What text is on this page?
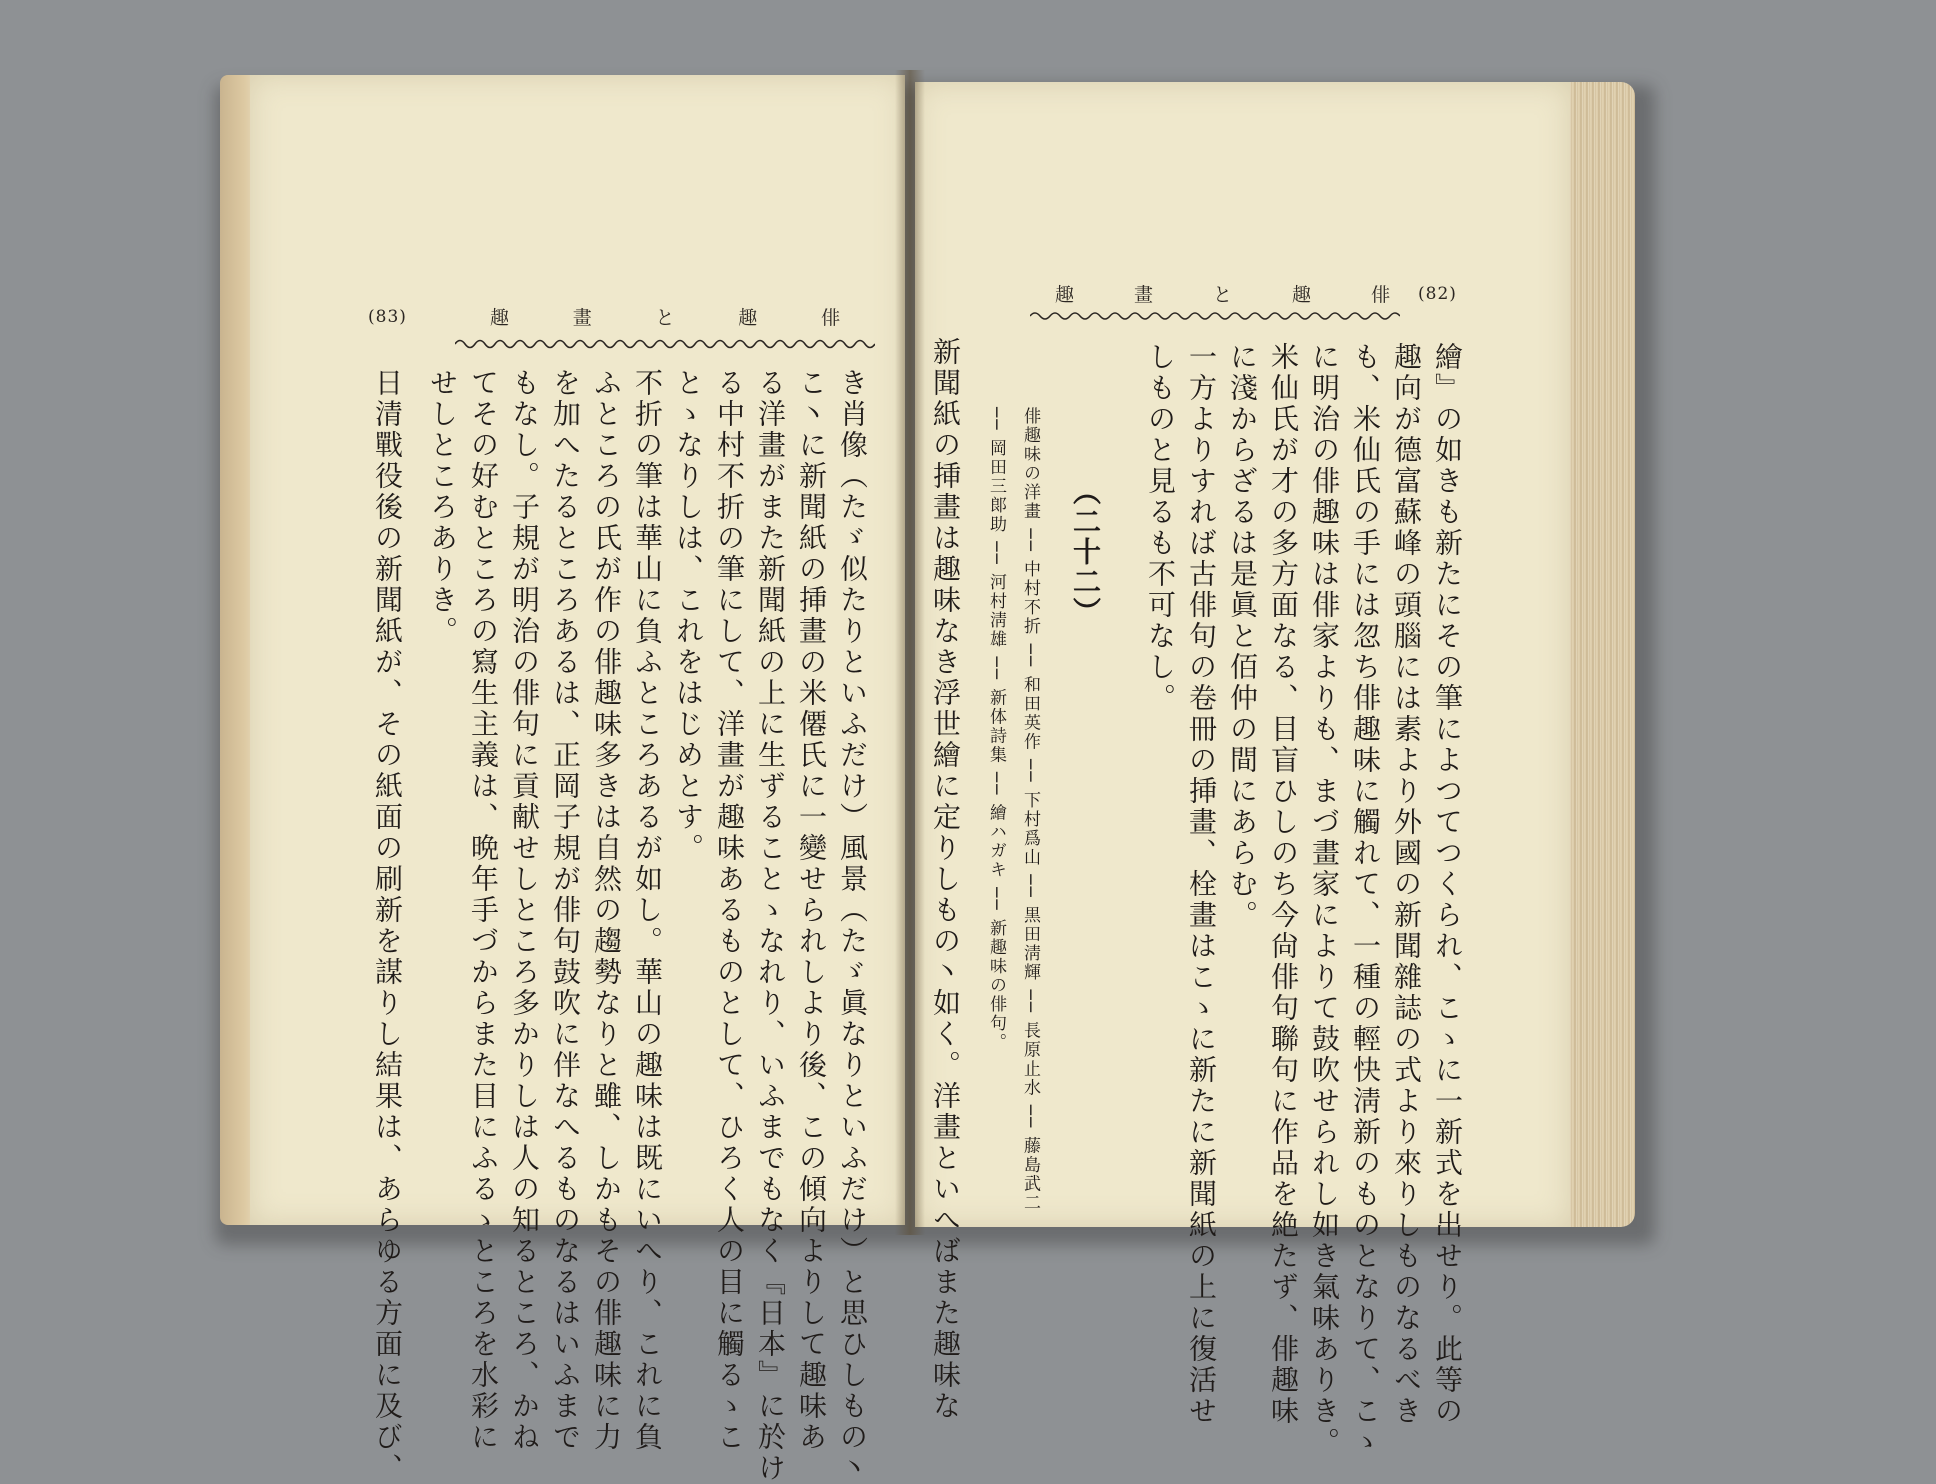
(83)	趣	畫	と	趣	俳
き肖像（たゞ似たりといふだけ）風景（たゞ眞なりといふだけ）と思ひしもの丶
こ丶に新聞紙の挿畫の米僊氏に一變せられしより後、この傾向よりして趣味あ
る洋畫がまた新聞紙の上に生ずることゝなれり、いふまでもなく『日本』に於け
る中村不折の筆にして、洋畫が趣味あるものとして、ひろく人の目に觸るゝこ
とゝなりしは、これをはじめとす。
不折の筆は華山に負ふところあるが如し。華山の趣味は既にいへり、これに負
ふところの氏が作の俳趣味多きは自然の趨勢なりと雖、しかもその俳趣味に力
を加へたるところあるは、正岡子規が俳句鼓吹に伴なへるものなるはいふまで
もなし。子規が明治の俳句に貢献せしところ多かりしは人の知るところ、かね
てその好むところの寫生主義は、晩年手づからまた目にふるゝところを水彩に
せしところありき。
日清戰役後の新聞紙が、その紙面の刷新を謀りし結果は、あらゆる方面に及び、
(82)
趣	畫	と	趣	俳
繪』の如きも新たにその筆によつてつくられ、こゝに一新式を出せり。此等の
趣向が德富蘇峰の頭腦には素より外國の新聞雜誌の式より來りしものなるべき
も、米仙氏の手には忽ち俳趣味に觸れて、一種の輕快淸新のものとなりて、こゝ
に明治の俳趣味は俳家よりも、まづ畫家によりて鼓吹せられし如き氣味ありき。
米仙氏が才の多方面なる、目盲ひしのち今尙俳句聯句に作品を絶たず、俳趣味
に淺からざるは是眞と佰仲の間にあらむ。
一方よりすれば古俳句の卷冊の挿畫、栓畫はこゝに新たに新聞紙の上に復活せ
しものと見るも不可なし。
（二十二）
俳趣味の洋畫 ── 中村不折 ── 和田英作 ── 下村爲山 ── 黒田淸輝 ── 長原止水 ── 藤島武二
── 岡田三郞助 ── 河村淸雄 ── 新体詩集 ── 繪ハガキ ── 新趣味の俳句。
新聞紙の挿畫は趣味なき浮世繪に定りしもの丶如く。洋畫といへばまた趣味な
